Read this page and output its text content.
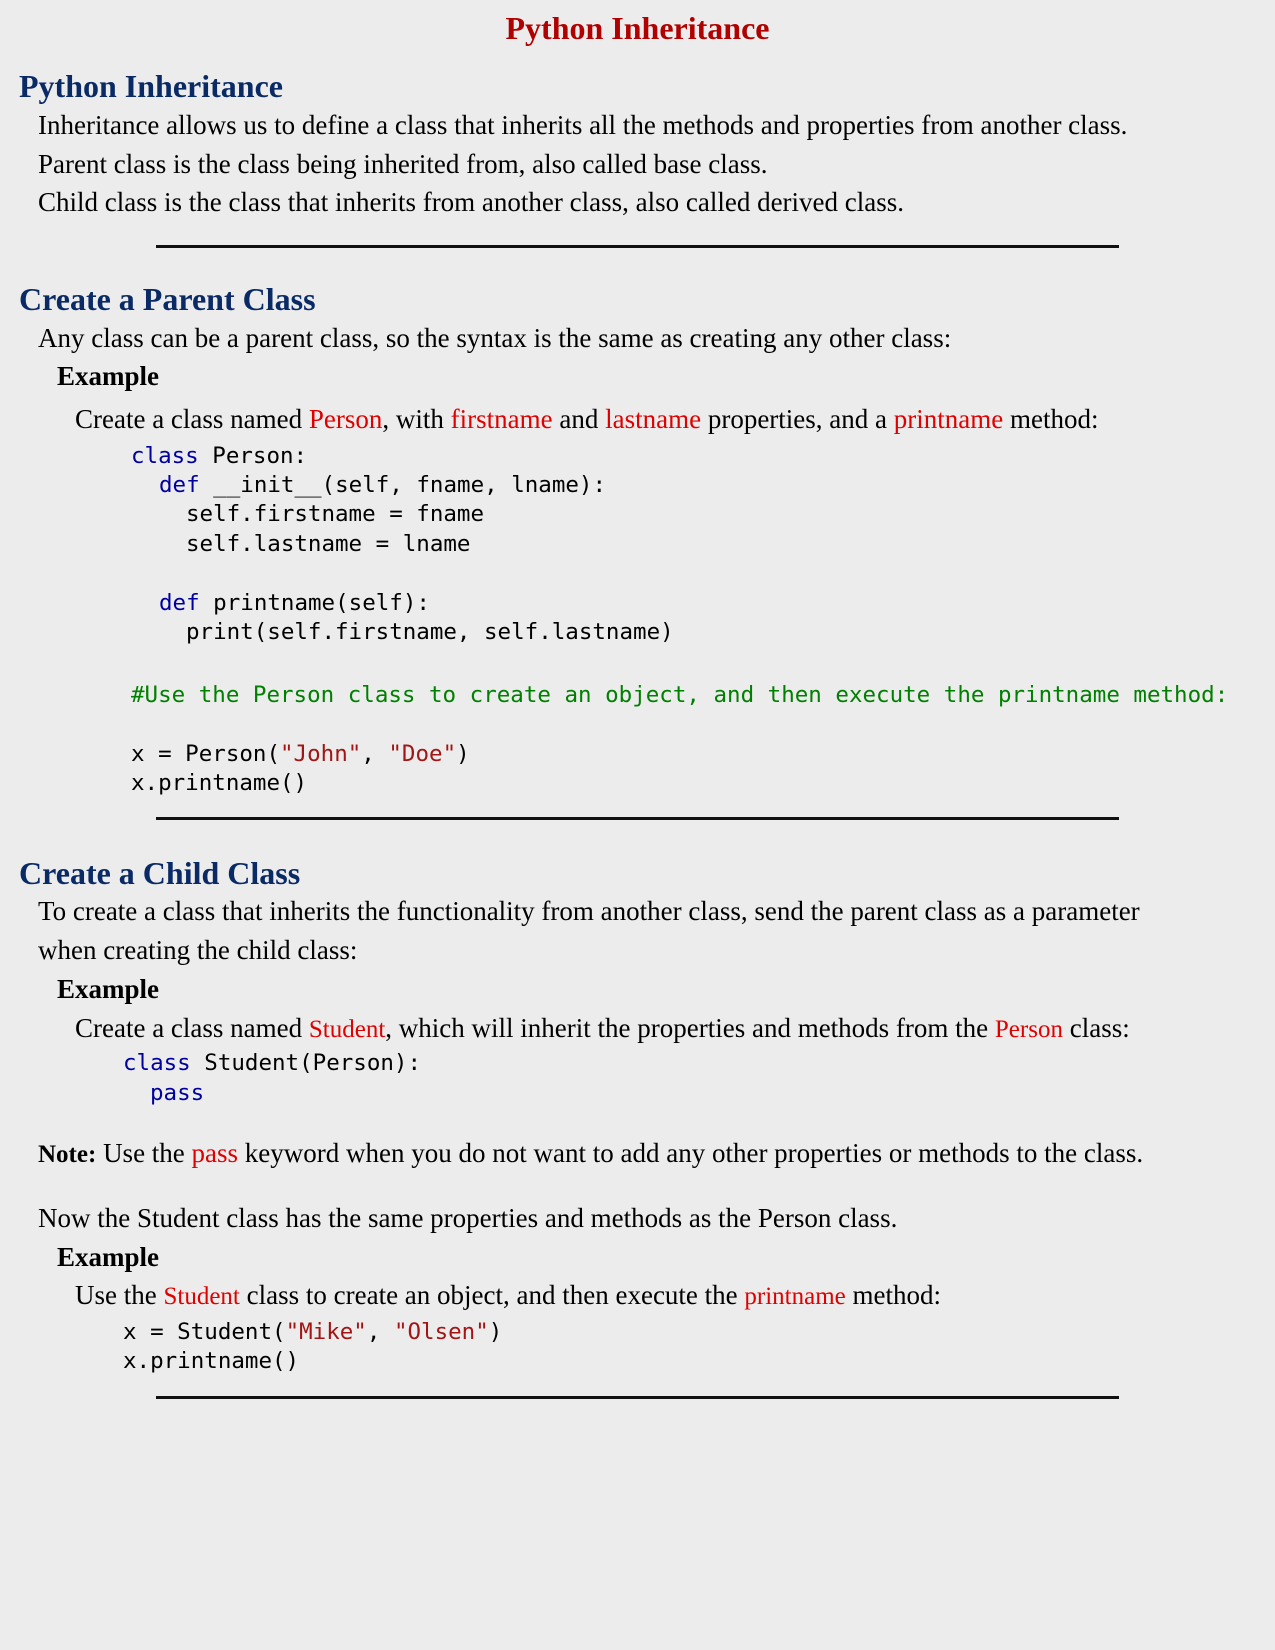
Python Inheritance
Python Inheritance
Inheritance allows us to define a class that inherits all the methods and properties from another class.
Parent class is the class being inherited from, also called base class.
Child class is the class that inherits from another class, also called derived class.
Create a Parent Class
Any class can be a parent class, so the syntax is the same as creating any other class:
Example
Create a class named Person, with firstname and lastname properties, and a printname method:
class Person:
def __init__(self, fname, lname):
self.firstname = fname
self.lastname = lname
def printname(self):
print(self.firstname, self.lastname)
#Use the Person class to create an object, and then execute the printname method:
x = Person("John", "Doe")
x.printname()
Create a Child Class
To create a class that inherits the functionality from another class, send the parent class as a parameter
when creating the child class:
Example
Create a class named Student, which will inherit the properties and methods from the Person class:
class Student(Person):
pass
Note: Use the pass keyword when you do not want to add any other properties or methods to the class.
Now the Student class has the same properties and methods as the Person class.
Example
Use the Student class to create an object, and then execute the printname method:
x = Student("Mike", "Olsen")
x.printname()
